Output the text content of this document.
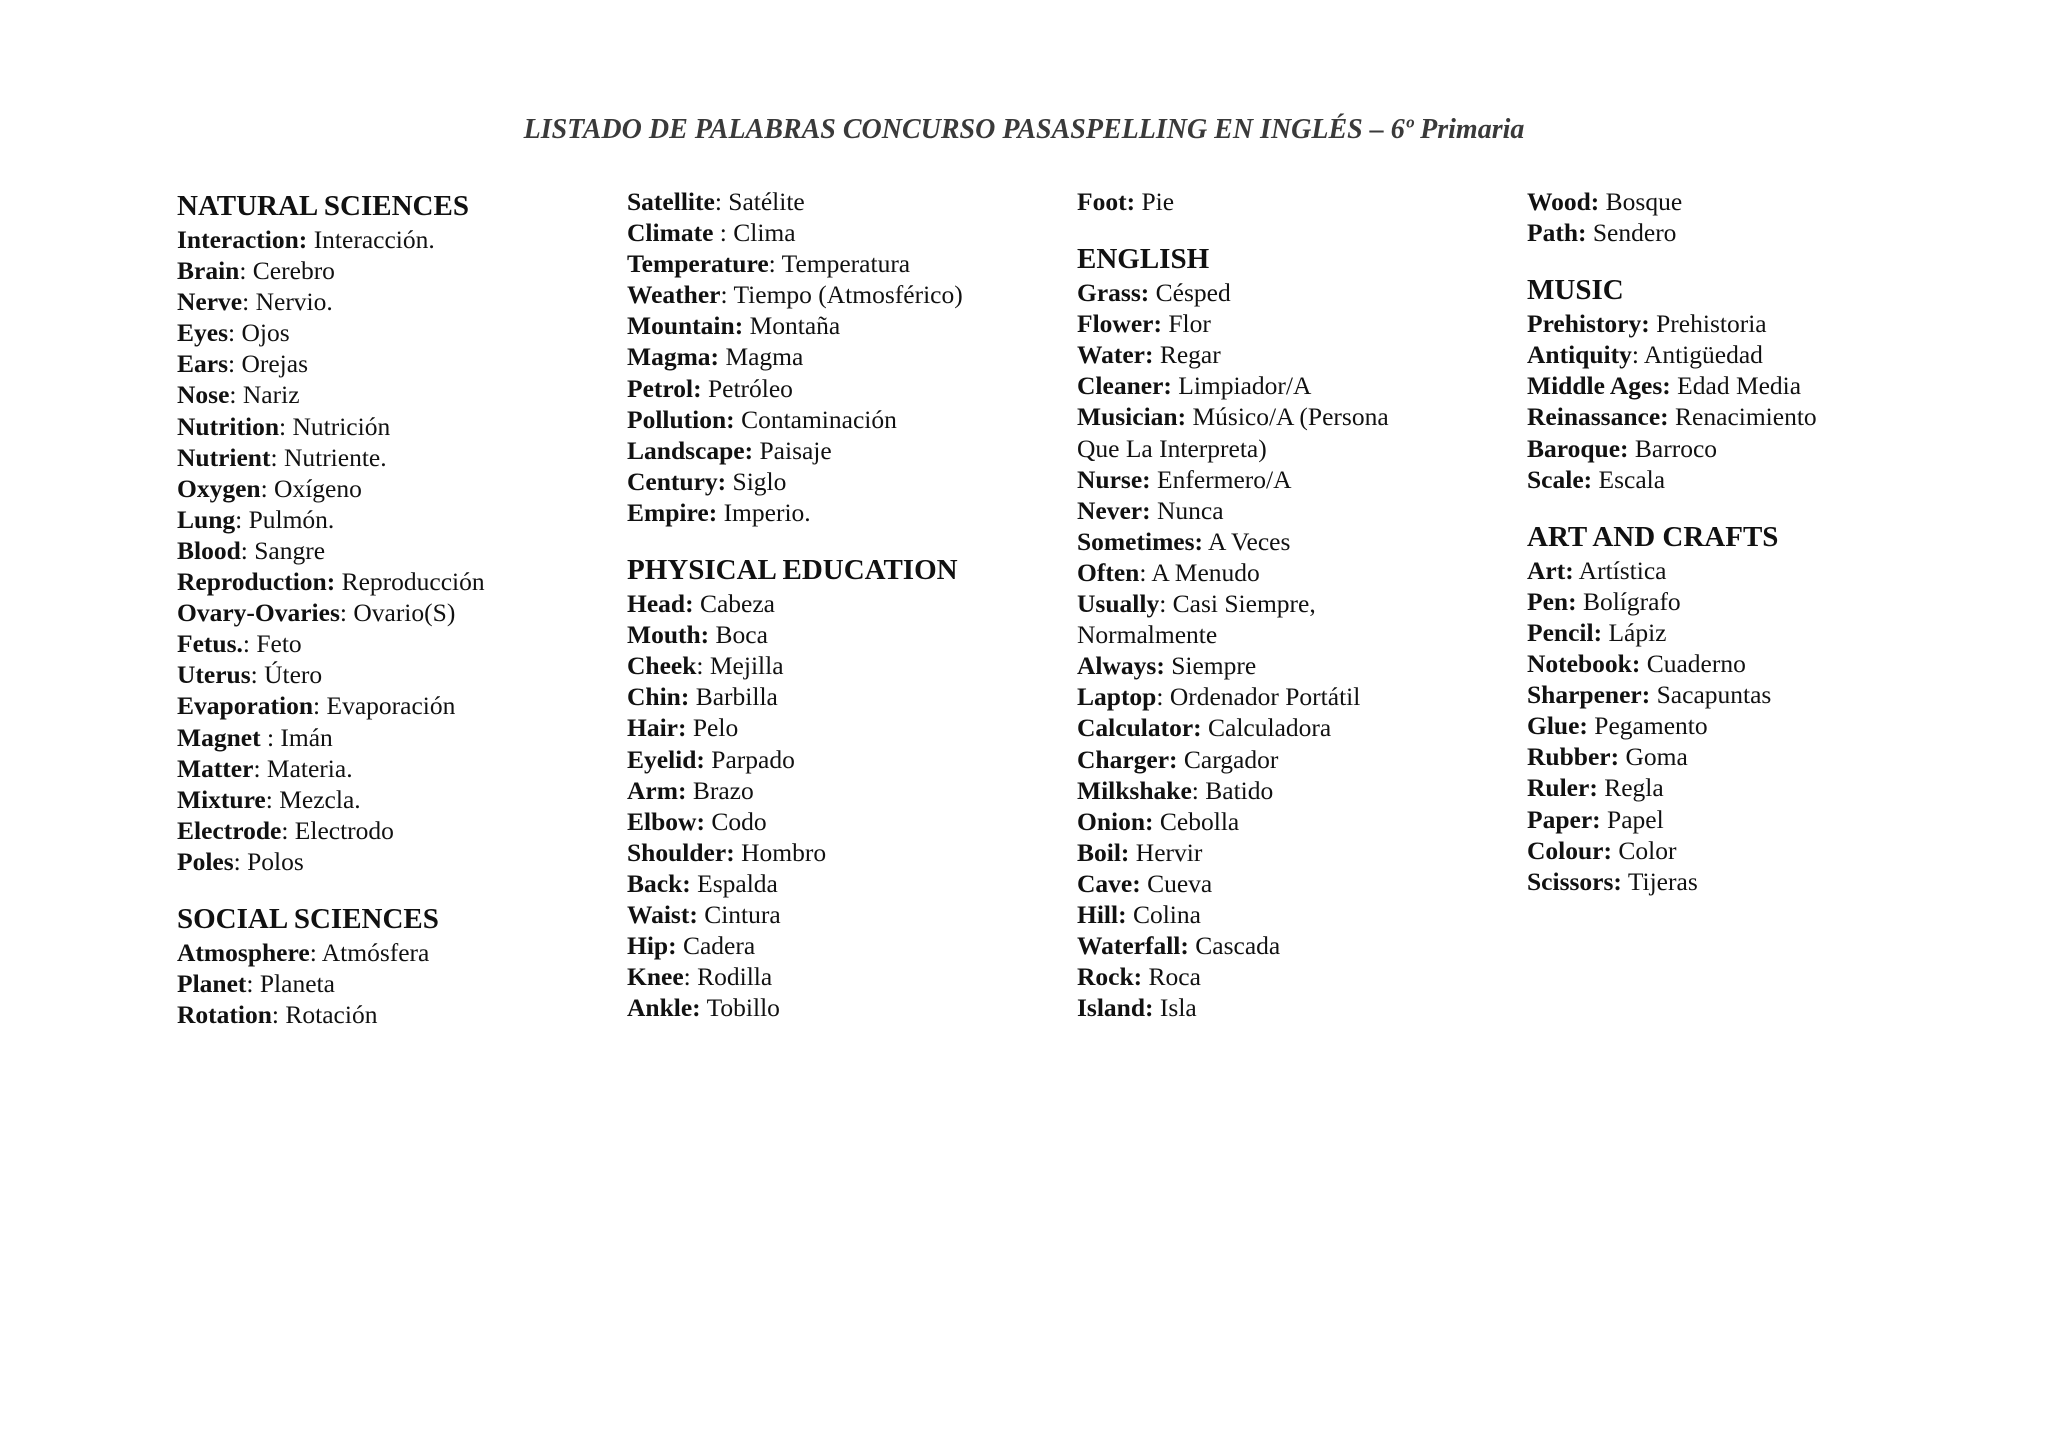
LISTADO DE PALABRAS CONCURSO PASASPELLING EN INGLÉS – 6º Primaria
NATURAL SCIENCES
Interaction: Interacción.
Brain: Cerebro
Nerve: Nervio.
Eyes: Ojos
Ears: Orejas
Nose: Nariz
Nutrition: Nutrición
Nutrient: Nutriente.
Oxygen: Oxígeno
Lung: Pulmón.
Blood: Sangre
Reproduction: Reproducción
Ovary-Ovaries: Ovario(S)
Fetus.: Feto
Uterus: Útero
Evaporation: Evaporación
Magnet : Imán
Matter: Materia.
Mixture: Mezcla.
Electrode: Electrodo
Poles: Polos
SOCIAL SCIENCES
Atmosphere: Atmósfera
Planet: Planeta
Rotation: Rotación
Satellite: Satélite
Climate : Clima
Temperature: Temperatura
Weather: Tiempo (Atmosférico)
Mountain: Montaña
Magma: Magma
Petrol: Petróleo
Pollution: Contaminación
Landscape: Paisaje
Century: Siglo
Empire: Imperio.
PHYSICAL EDUCATION
Head: Cabeza
Mouth: Boca
Cheek: Mejilla
Chin: Barbilla
Hair: Pelo
Eyelid: Parpado
Arm: Brazo
Elbow: Codo
Shoulder: Hombro
Back: Espalda
Waist: Cintura
Hip: Cadera
Knee: Rodilla
Ankle: Tobillo
Foot: Pie
ENGLISH
Grass: Césped
Flower: Flor
Water: Regar
Cleaner: Limpiador/A
Musician: Músico/A (Persona
Que La Interpreta)
Nurse: Enfermero/A
Never: Nunca
Sometimes: A Veces
Often: A Menudo
Usually: Casi Siempre,
Normalmente
Always: Siempre
Laptop: Ordenador Portátil
Calculator: Calculadora
Charger: Cargador
Milkshake: Batido
Onion: Cebolla
Boil: Hervir
Cave: Cueva
Hill: Colina
Waterfall: Cascada
Rock: Roca
Island: Isla
Wood: Bosque
Path: Sendero
MUSIC
Prehistory: Prehistoria
Antiquity: Antigüedad
Middle Ages: Edad Media
Reinassance: Renacimiento
Baroque: Barroco
Scale: Escala
ART AND CRAFTS
Art: Artística
Pen: Bolígrafo
Pencil: Lápiz
Notebook: Cuaderno
Sharpener: Sacapuntas
Glue: Pegamento
Rubber: Goma
Ruler: Regla
Paper: Papel
Colour: Color
Scissors: Tijeras
